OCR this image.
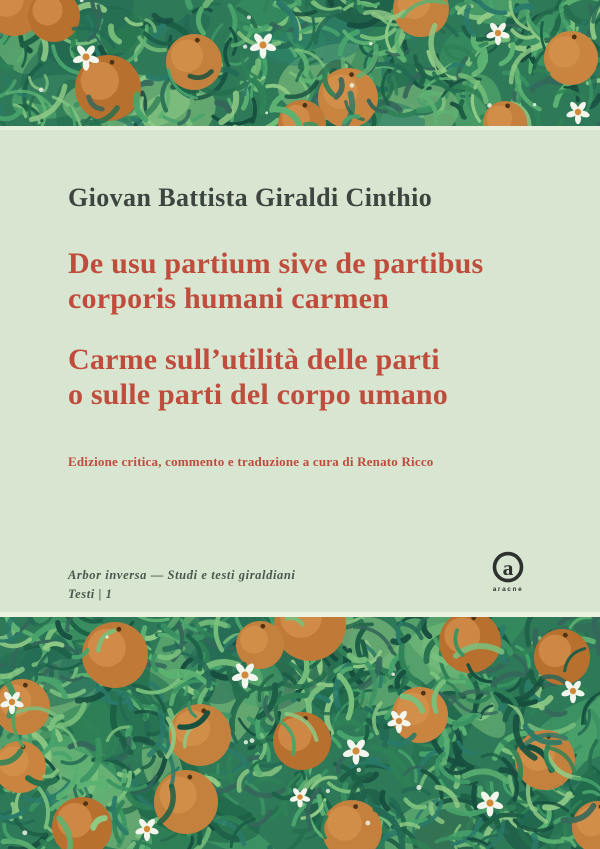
Giovan Battista Giraldi Cinthio
De usu partium sive de partibus
corporis humani carmen
Carme sull’utilità delle parti
o sulle parti del corpo umano

Edizione critica, commento e traduzione a cura di Renato Ricco

Arbor inversa — Studi e testi giraldiani
Testi | 1

a
aracne
